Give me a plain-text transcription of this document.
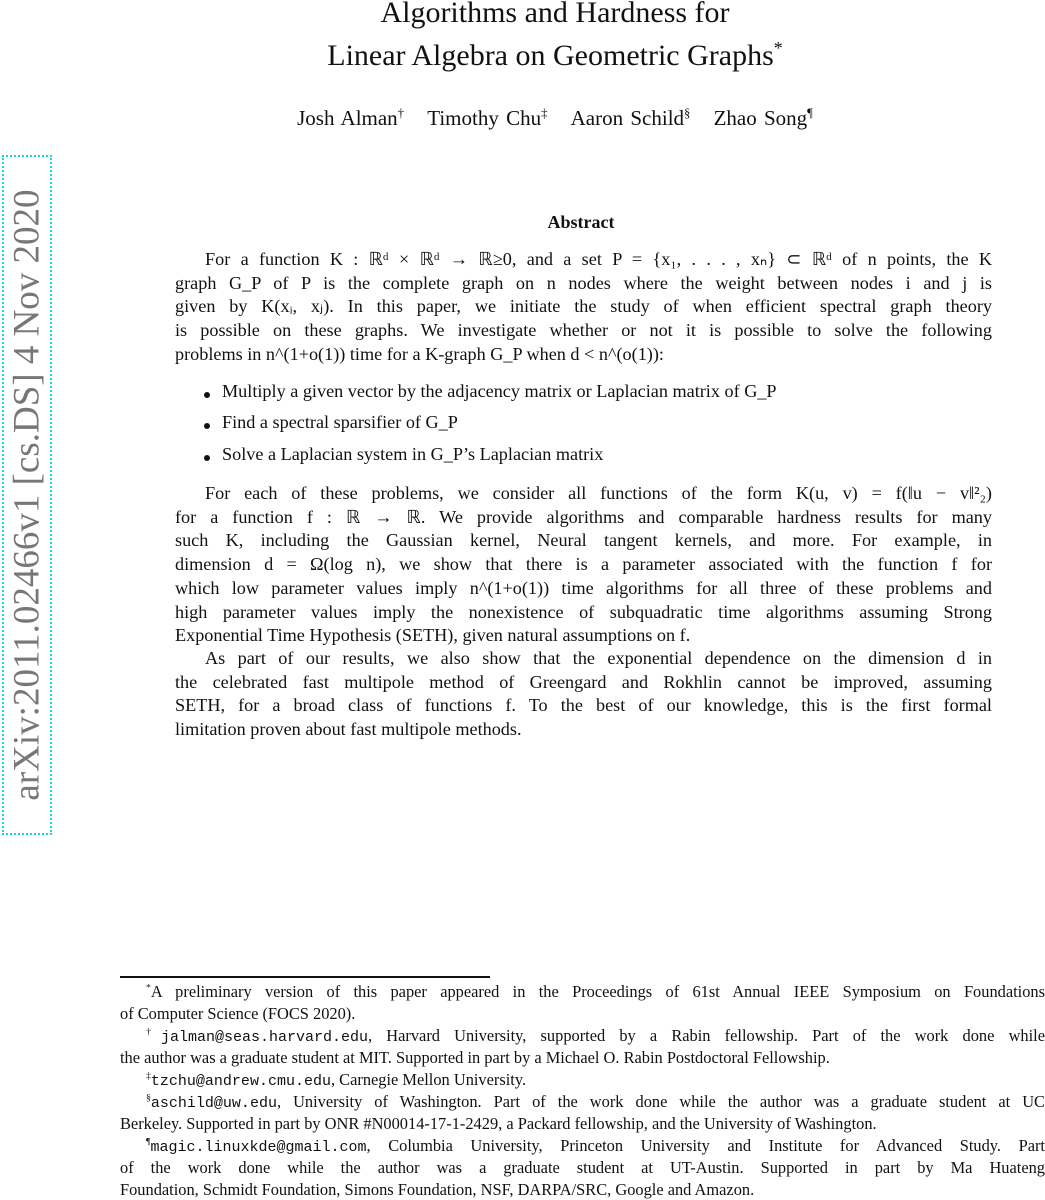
arXiv:2011.02466v1 [cs.DS] 4 Nov 2020
Algorithms and Hardness for
Linear Algebra on Geometric Graphs*
Josh Alman† Timothy Chu‡ Aaron Schild§ Zhao Song¶
Abstract
For a function K : ℝᵈ × ℝᵈ → ℝ≥0, and a set P = {x₁, . . . , xₙ} ⊂ ℝᵈ of n points, the K
graph G_P of P is the complete graph on n nodes where the weight between nodes i and j is
given by K(xᵢ, xⱼ). In this paper, we initiate the study of when efficient spectral graph theory
is possible on these graphs. We investigate whether or not it is possible to solve the following
problems in n^(1+o(1)) time for a K-graph G_P when d < n^(o(1)):
Multiply a given vector by the adjacency matrix or Laplacian matrix of G_P
Find a spectral sparsifier of G_P
Solve a Laplacian system in G_P’s Laplacian matrix
For each of these problems, we consider all functions of the form K(u, v) = f(‖u − v‖²₂)
for a function f : ℝ → ℝ. We provide algorithms and comparable hardness results for many
such K, including the Gaussian kernel, Neural tangent kernels, and more. For example, in
dimension d = Ω(log n), we show that there is a parameter associated with the function f for
which low parameter values imply n^(1+o(1)) time algorithms for all three of these problems and
high parameter values imply the nonexistence of subquadratic time algorithms assuming Strong
Exponential Time Hypothesis (SETH), given natural assumptions on f.
As part of our results, we also show that the exponential dependence on the dimension d in
the celebrated fast multipole method of Greengard and Rokhlin cannot be improved, assuming
SETH, for a broad class of functions f. To the best of our knowledge, this is the first formal
limitation proven about fast multipole methods.
*A preliminary version of this paper appeared in the Proceedings of 61st Annual IEEE Symposium on Foundations
of Computer Science (FOCS 2020).
†jalman@seas.harvard.edu, Harvard University, supported by a Rabin fellowship. Part of the work done while
the author was a graduate student at MIT. Supported in part by a Michael O. Rabin Postdoctoral Fellowship.
‡tzchu@andrew.cmu.edu, Carnegie Mellon University.
§aschild@uw.edu, University of Washington. Part of the work done while the author was a graduate student at UC
Berkeley. Supported in part by ONR #N00014-17-1-2429, a Packard fellowship, and the University of Washington.
¶magic.linuxkde@gmail.com, Columbia University, Princeton University and Institute for Advanced Study. Part
of the work done while the author was a graduate student at UT-Austin. Supported in part by Ma Huateng
Foundation, Schmidt Foundation, Simons Foundation, NSF, DARPA/SRC, Google and Amazon.
